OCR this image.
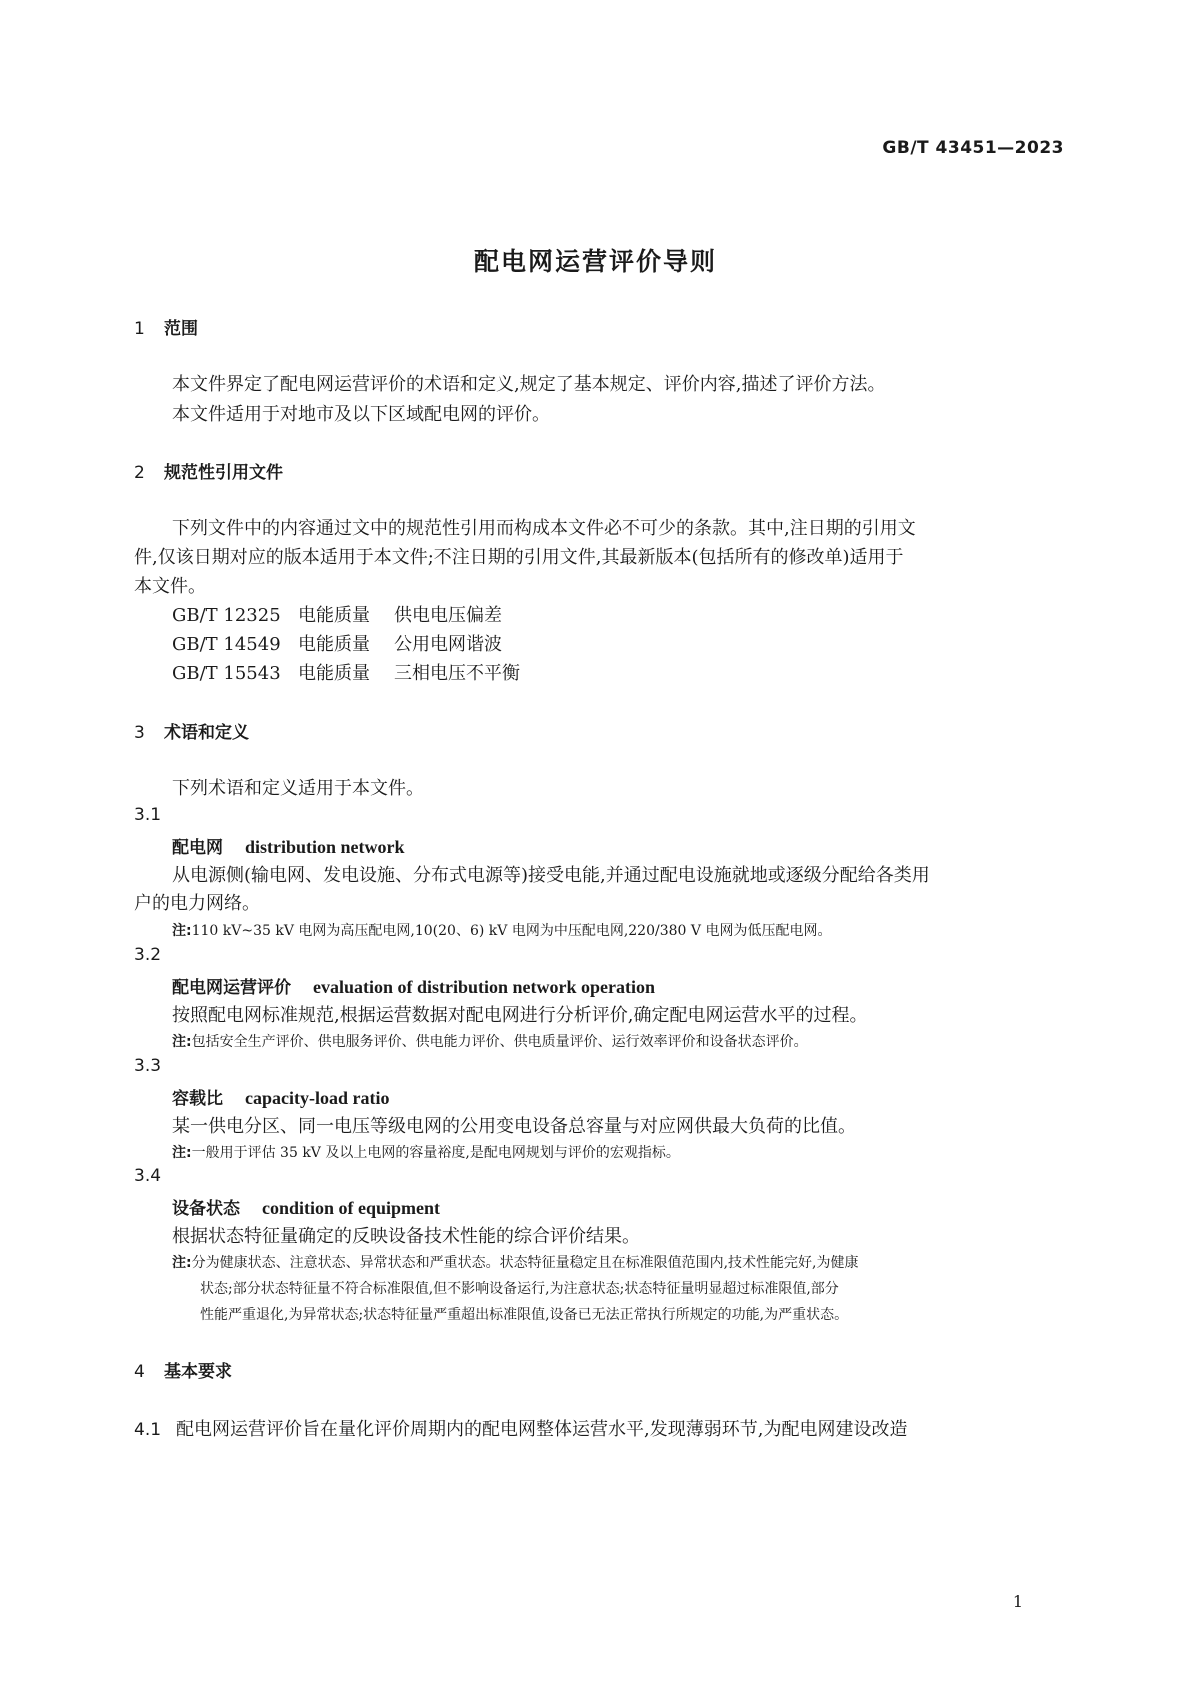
GB/T 43451—2023
配电网运营评价导则
1 范围
本文件界定了配电网运营评价的术语和定义,规定了基本规定、评价内容,描述了评价方法。
本文件适用于对地市及以下区域配电网的评价。
2 规范性引用文件
下列文件中的内容通过文中的规范性引用而构成本文件必不可少的条款。其中,注日期的引用文
件,仅该日期对应的版本适用于本文件;不注日期的引用文件,其最新版本(包括所有的修改单)适用于
本文件。
GB/T 12325 电能质量 供电电压偏差
GB/T 14549 电能质量 公用电网谐波
GB/T 15543 电能质量 三相电压不平衡
3 术语和定义
下列术语和定义适用于本文件。
3.1
配电网 distribution network
从电源侧(输电网、发电设施、分布式电源等)接受电能,并通过配电设施就地或逐级分配给各类用
户的电力网络。
注:110 kV~35 kV 电网为高压配电网,10(20、6) kV 电网为中压配电网,220/380 V 电网为低压配电网。
3.2
配电网运营评价 evaluation of distribution network operation
按照配电网标准规范,根据运营数据对配电网进行分析评价,确定配电网运营水平的过程。
注:包括安全生产评价、供电服务评价、供电能力评价、供电质量评价、运行效率评价和设备状态评价。
3.3
容载比 capacity-load ratio
某一供电分区、同一电压等级电网的公用变电设备总容量与对应网供最大负荷的比值。
注:一般用于评估 35 kV 及以上电网的容量裕度,是配电网规划与评价的宏观指标。
3.4
设备状态 condition of equipment
根据状态特征量确定的反映设备技术性能的综合评价结果。
注:分为健康状态、注意状态、异常状态和严重状态。状态特征量稳定且在标准限值范围内,技术性能完好,为健康
状态;部分状态特征量不符合标准限值,但不影响设备运行,为注意状态;状态特征量明显超过标准限值,部分
性能严重退化,为异常状态;状态特征量严重超出标准限值,设备已无法正常执行所规定的功能,为严重状态。
4 基本要求
4.1 配电网运营评价旨在量化评价周期内的配电网整体运营水平,发现薄弱环节,为配电网建设改造
1
